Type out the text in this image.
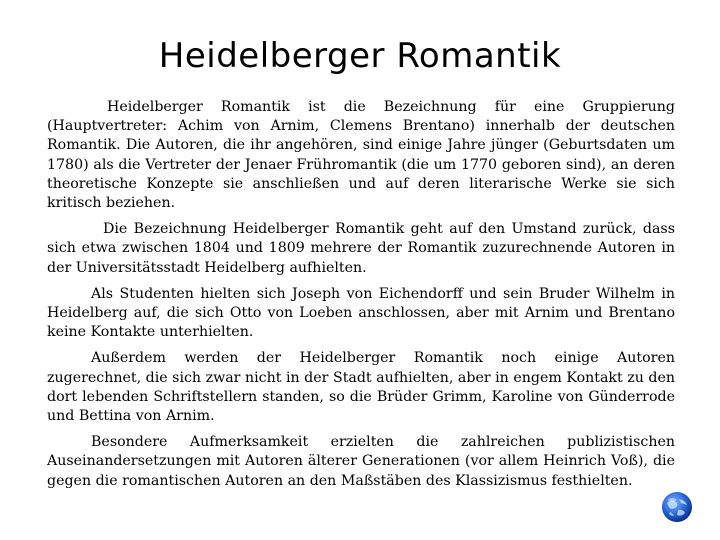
Heidelberger Romantik

Heidelberger Romantik ist die Bezeichnung für eine Gruppierung (Hauptvertreter: Achim von Arnim, Clemens Brentano) innerhalb der deutschen Romantik. Die Autoren, die ihr angehören, sind einige Jahre jünger (Geburtsdaten um 1780) als die Vertreter der Jenaer Frühromantik (die um 1770 geboren sind), an deren theoretische Konzepte sie anschließen und auf deren literarische Werke sie sich kritisch beziehen.

Die Bezeichnung Heidelberger Romantik geht auf den Umstand zurück, dass sich etwa zwischen 1804 und 1809 mehrere der Romantik zuzurechnende Autoren in der Universitätsstadt Heidelberg aufhielten.

Als Studenten hielten sich Joseph von Eichendorff und sein Bruder Wilhelm in Heidelberg auf, die sich Otto von Loeben anschlossen, aber mit Arnim und Brentano keine Kontakte unterhielten.

Außerdem werden der Heidelberger Romantik noch einige Autoren zugerechnet, die sich zwar nicht in der Stadt aufhielten, aber in engem Kontakt zu den dort lebenden Schriftstellern standen, so die Brüder Grimm, Karoline von Günderrode und Bettina von Arnim.

Besondere Aufmerksamkeit erzielten die zahlreichen publizistischen Auseinandersetzungen mit Autoren älterer Generationen (vor allem Heinrich Voß), die gegen die romantischen Autoren an den Maßstäben des Klassizismus festhielten.
